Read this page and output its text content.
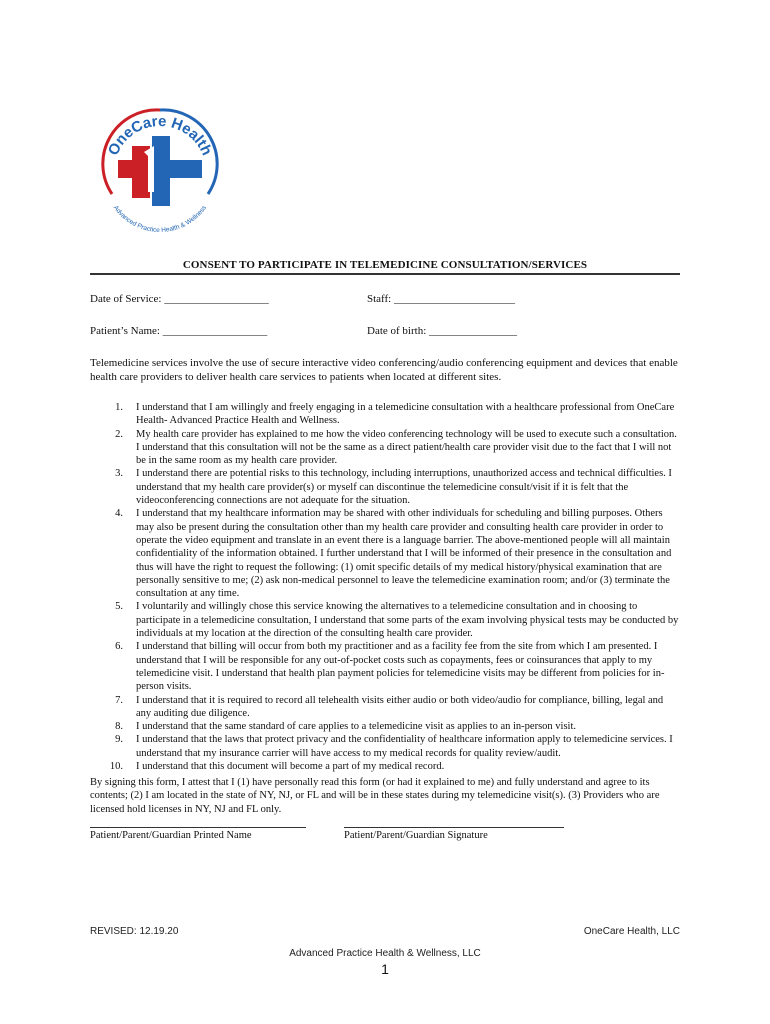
OneCare Health
Advanced Practice Health & Wellness
CONSENT TO PARTICIPATE IN TELEMEDICINE CONSULTATION/SERVICES
Date of Service: ___________________	Staff: ______________________
Patient’s Name: ___________________	Date of birth: ________________
Telemedicine services involve the use of secure interactive video conferencing/audio conferencing equipment and devices that enable health care providers to deliver health care services to patients when located at different sites.
1. I understand that I am willingly and freely engaging in a telemedicine consultation with a healthcare professional from OneCare Health- Advanced Practice Health and Wellness.
2. My health care provider has explained to me how the video conferencing technology will be used to execute such a consultation. I understand that this consultation will not be the same as a direct patient/health care provider visit due to the fact that I will not be in the same room as my health care provider.
3. I understand there are potential risks to this technology, including interruptions, unauthorized access and technical difficulties. I understand that my health care provider(s) or myself can discontinue the telemedicine consult/visit if it is felt that the videoconferencing connections are not adequate for the situation.
4. I understand that my healthcare information may be shared with other individuals for scheduling and billing purposes. Others may also be present during the consultation other than my health care provider and consulting health care provider in order to operate the video equipment and translate in an event there is a language barrier. The above-mentioned people will all maintain confidentiality of the information obtained. I further understand that I will be informed of their presence in the consultation and thus will have the right to request the following: (1) omit specific details of my medical history/physical examination that are personally sensitive to me; (2) ask non-medical personnel to leave the telemedicine examination room; and/or (3) terminate the consultation at any time.
5. I voluntarily and willingly chose this service knowing the alternatives to a telemedicine consultation and in choosing to participate in a telemedicine consultation, I understand that some parts of the exam involving physical tests may be conducted by individuals at my location at the direction of the consulting health care provider.
6. I understand that billing will occur from both my practitioner and as a facility fee from the site from which I am presented. I understand that I will be responsible for any out-of-pocket costs such as copayments, fees or coinsurances that apply to my telemedicine visit. I understand that health plan payment policies for telemedicine visits may be different from policies for in-person visits.
7. I understand that it is required to record all telehealth visits either audio or both video/audio for compliance, billing, legal and any auditing due diligence.
8. I understand that the same standard of care applies to a telemedicine visit as applies to an in-person visit.
9. I understand that the laws that protect privacy and the confidentiality of healthcare information apply to telemedicine services. I understand that my insurance carrier will have access to my medical records for quality review/audit.
10. I understand that this document will become a part of my medical record.
By signing this form, I attest that I (1) have personally read this form (or had it explained to me) and fully understand and agree to its contents; (2) I am located in the state of NY, NJ, or FL and will be in these states during my telemedicine visit(s). (3) Providers who are licensed hold licenses in NY, NJ and FL only.
Patient/Parent/Guardian Printed Name	Patient/Parent/Guardian Signature
REVISED: 12.19.20	OneCare Health, LLC
Advanced Practice Health & Wellness, LLC
1
